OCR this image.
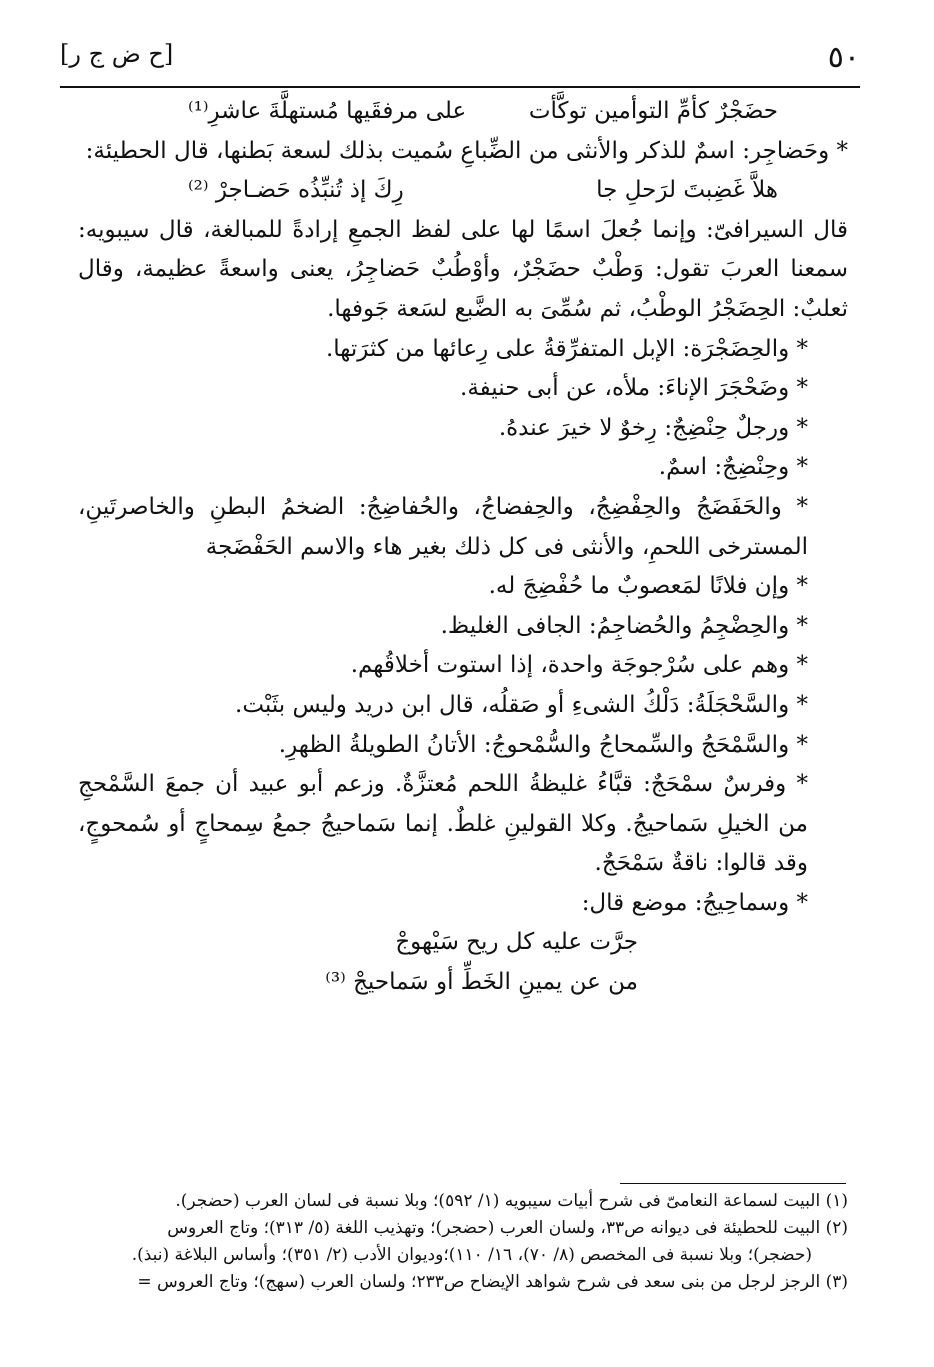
٥٠
[ح ض ج ر]
حضَجْرٌ كأمِّ التوأمين توكَّأت
على مرفقَيها مُستهلَّةَ عاشرِ⁽¹⁾

* وحَضاجِر: اسمٌ للذكر والأنثى من الضِّباعِ سُميت بذلك لسعة بَطنها، قال الحطيئة:

هلاَّ غَضِبتَ لرَحلِ جا
رِكَ إذ تُنبِّذُه حَضـاجرْ ⁽²⁾

قال السيرافىّ: وإنما جُعلَ اسمًا لها على لفظ الجمعِ إرادةً للمبالغة، قال سيبويه: سمعنا العربَ تقول: وَطْبٌ حضَجْرٌ، وأوْطُبٌ حَضاجِرُ، يعنى واسعةً عظيمة، وقال ثعلبٌ: الحِضَجْرُ الوطْبُ، ثم سُمِّىَ به الضَّبع لسَعة جَوفها.

* والحِضَجْرَة: الإبل المتفرِّقةُ على رِعائها من كثرَتها.

* وضَحْجَرَ الإناءَ: ملأه، عن أبى حنيفة.

* ورجلٌ حِنْضِجٌ: رِخوٌ لا خيرَ عندهُ.

* وحِنْضِجٌ: اسمٌ.

* والحَفَضَجُ والحِفْضِجُ، والحِفضاجُ، والحُفاضِجُ: الضخمُ البطنِ والخاصرتَينِ، المسترخى اللحمِ، والأنثى فى كل ذلك بغير هاء والاسم الحَفْضَجة

* وإن فلانًا لمَعصوبٌ ما حُفْضِجَ له.

* والحِضْجِمُ والحُضاجِمُ: الجافى الغليظ.

* وهم على سُرْجوجَة واحدة، إذا استوت أخلاقُهم.

* والسَّحْجَلَةُ: دَلْكُ الشىءِ أو صَقلُه، قال ابن دريد وليس بثَبْت.

* والسَّمْحَجُ والسِّمحاجُ والسُّمْحوجُ: الأتانُ الطويلةُ الظهرِ.

* وفرسٌ سمْحَجٌ: قبَّاءُ غليظةُ اللحم مُعتزَّةٌ. وزعم أبو عبيد أن جمعَ السَّمْحجِ من الخيلِ سَماحيجُ. وكلا القولينِ غلطٌ. إنما سَماحيجُ جمعُ سِمحاجٍ أو سُمحوجٍ، وقد قالوا: ناقةٌ سَمْحَجٌ.

* وسماحِيجُ: موضع قال:

جرَّت عليه كل ريح سَيْهوجْ

من عن يمينِ الخَطِّ أو سَماحيجْ ⁽³⁾

(١) البيت لسماعة النعامىّ فى شرح أبيات سيبويه (١/ ٥٩٢)؛ وبلا نسبة فى لسان العرب (حضجر).

(٢) البيت للحطيئة فى ديوانه ص٣٣، ولسان العرب (حضجر)؛ وتهذيب اللغة (٥/ ٣١٣)؛ وتاج العروس

(حضجر)؛ وبلا نسبة فى المخصص (٨/ ٧٠)، ١٦/ ١١٠)؛وديوان الأدب (٢/ ٣٥١)؛ وأساس البلاغة (نبذ).

(٣) الرجز لرجل من بنى سعد فى شرح شواهد الإيضاح ص٢٣٣؛ ولسان العرب (سهج)؛ وتاج العروس =
